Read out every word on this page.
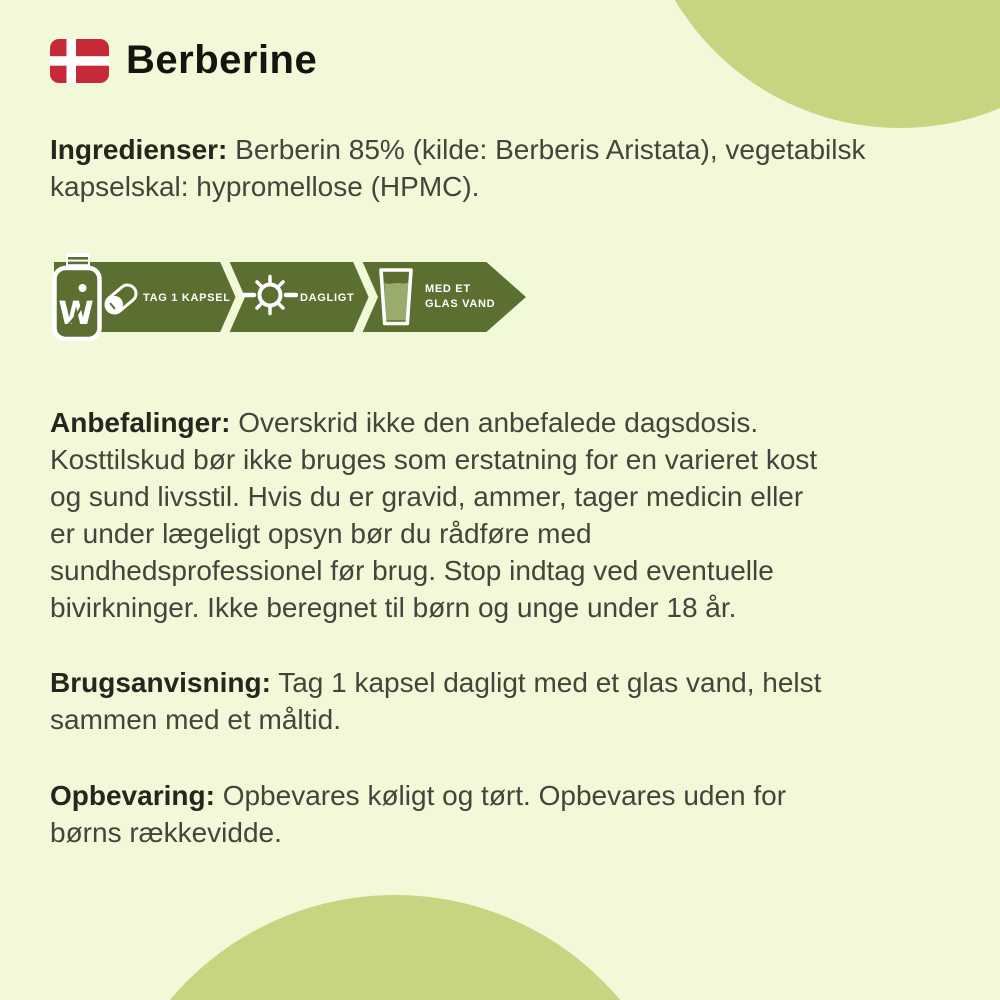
Berberine

Ingredienser: Berberin 85% (kilde: Berberis Aristata), vegetabilsk
kapselskal: hypromellose (HPMC).

W	TAG 1 KAPSEL	DAGLIGT
MED ET GLAS VAND

Anbefalinger: Overskrid ikke den anbefalede dagsdosis.
Kosttilskud bør ikke bruges som erstatning for en varieret kost
og sund livsstil. Hvis du er gravid, ammer, tager medicin eller
er under lægeligt opsyn bør du rådføre med
sundhedsprofessionel før brug. Stop indtag ved eventuelle
bivirkninger. Ikke beregnet til børn og unge under 18 år.

Brugsanvisning: Tag 1 kapsel dagligt med et glas vand, helst
sammen med et måltid.

Opbevaring: Opbevares køligt og tørt. Opbevares uden for
børns rækkevidde.
